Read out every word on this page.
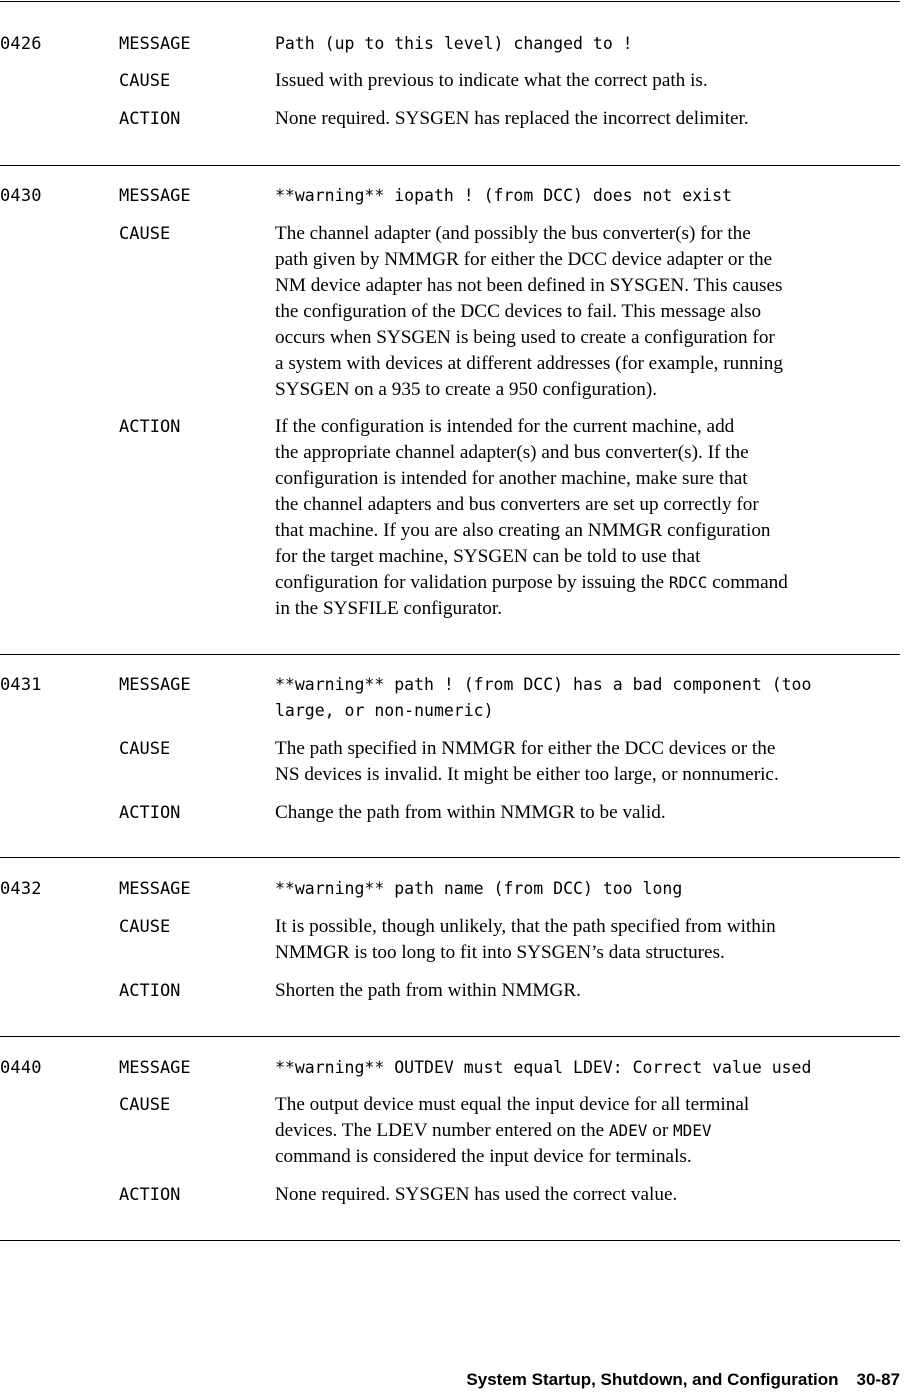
0426	MESSAGE	Path (up to this level) changed to !
CAUSE	Issued with previous to indicate what the correct path is.
ACTION	None required. SYSGEN has replaced the incorrect delimiter.
0430	MESSAGE	**warning** iopath ! (from DCC) does not exist
CAUSE	The channel adapter (and possibly the bus converter(s) for the
path given by NMMGR for either the DCC device adapter or the
NM device adapter has not been defined in SYSGEN. This causes
the configuration of the DCC devices to fail. This message also
occurs when SYSGEN is being used to create a configuration for
a system with devices at different addresses (for example, running
SYSGEN on a 935 to create a 950 configuration).
ACTION	If the configuration is intended for the current machine, add
the appropriate channel adapter(s) and bus converter(s). If the
configuration is intended for another machine, make sure that
the channel adapters and bus converters are set up correctly for
that machine. If you are also creating an NMMGR configuration
for the target machine, SYSGEN can be told to use that
configuration for validation purpose by issuing the RDCC command
in the SYSFILE configurator.
0431	MESSAGE	**warning** path ! (from DCC) has a bad component (too
large, or non-numeric)
CAUSE	The path specified in NMMGR for either the DCC devices or the
NS devices is invalid. It might be either too large, or nonnumeric.
ACTION	Change the path from within NMMGR to be valid.
0432	MESSAGE	**warning** path name (from DCC) too long
CAUSE	It is possible, though unlikely, that the path specified from within
NMMGR is too long to fit into SYSGEN’s data structures.
ACTION	Shorten the path from within NMMGR.
0440	MESSAGE	**warning** OUTDEV must equal LDEV: Correct value used
CAUSE	The output device must equal the input device for all terminal
devices. The LDEV number entered on the ADEV or MDEV
command is considered the input device for terminals.
ACTION	None required. SYSGEN has used the correct value.
System Startup, Shutdown, and Configuration 30-87
